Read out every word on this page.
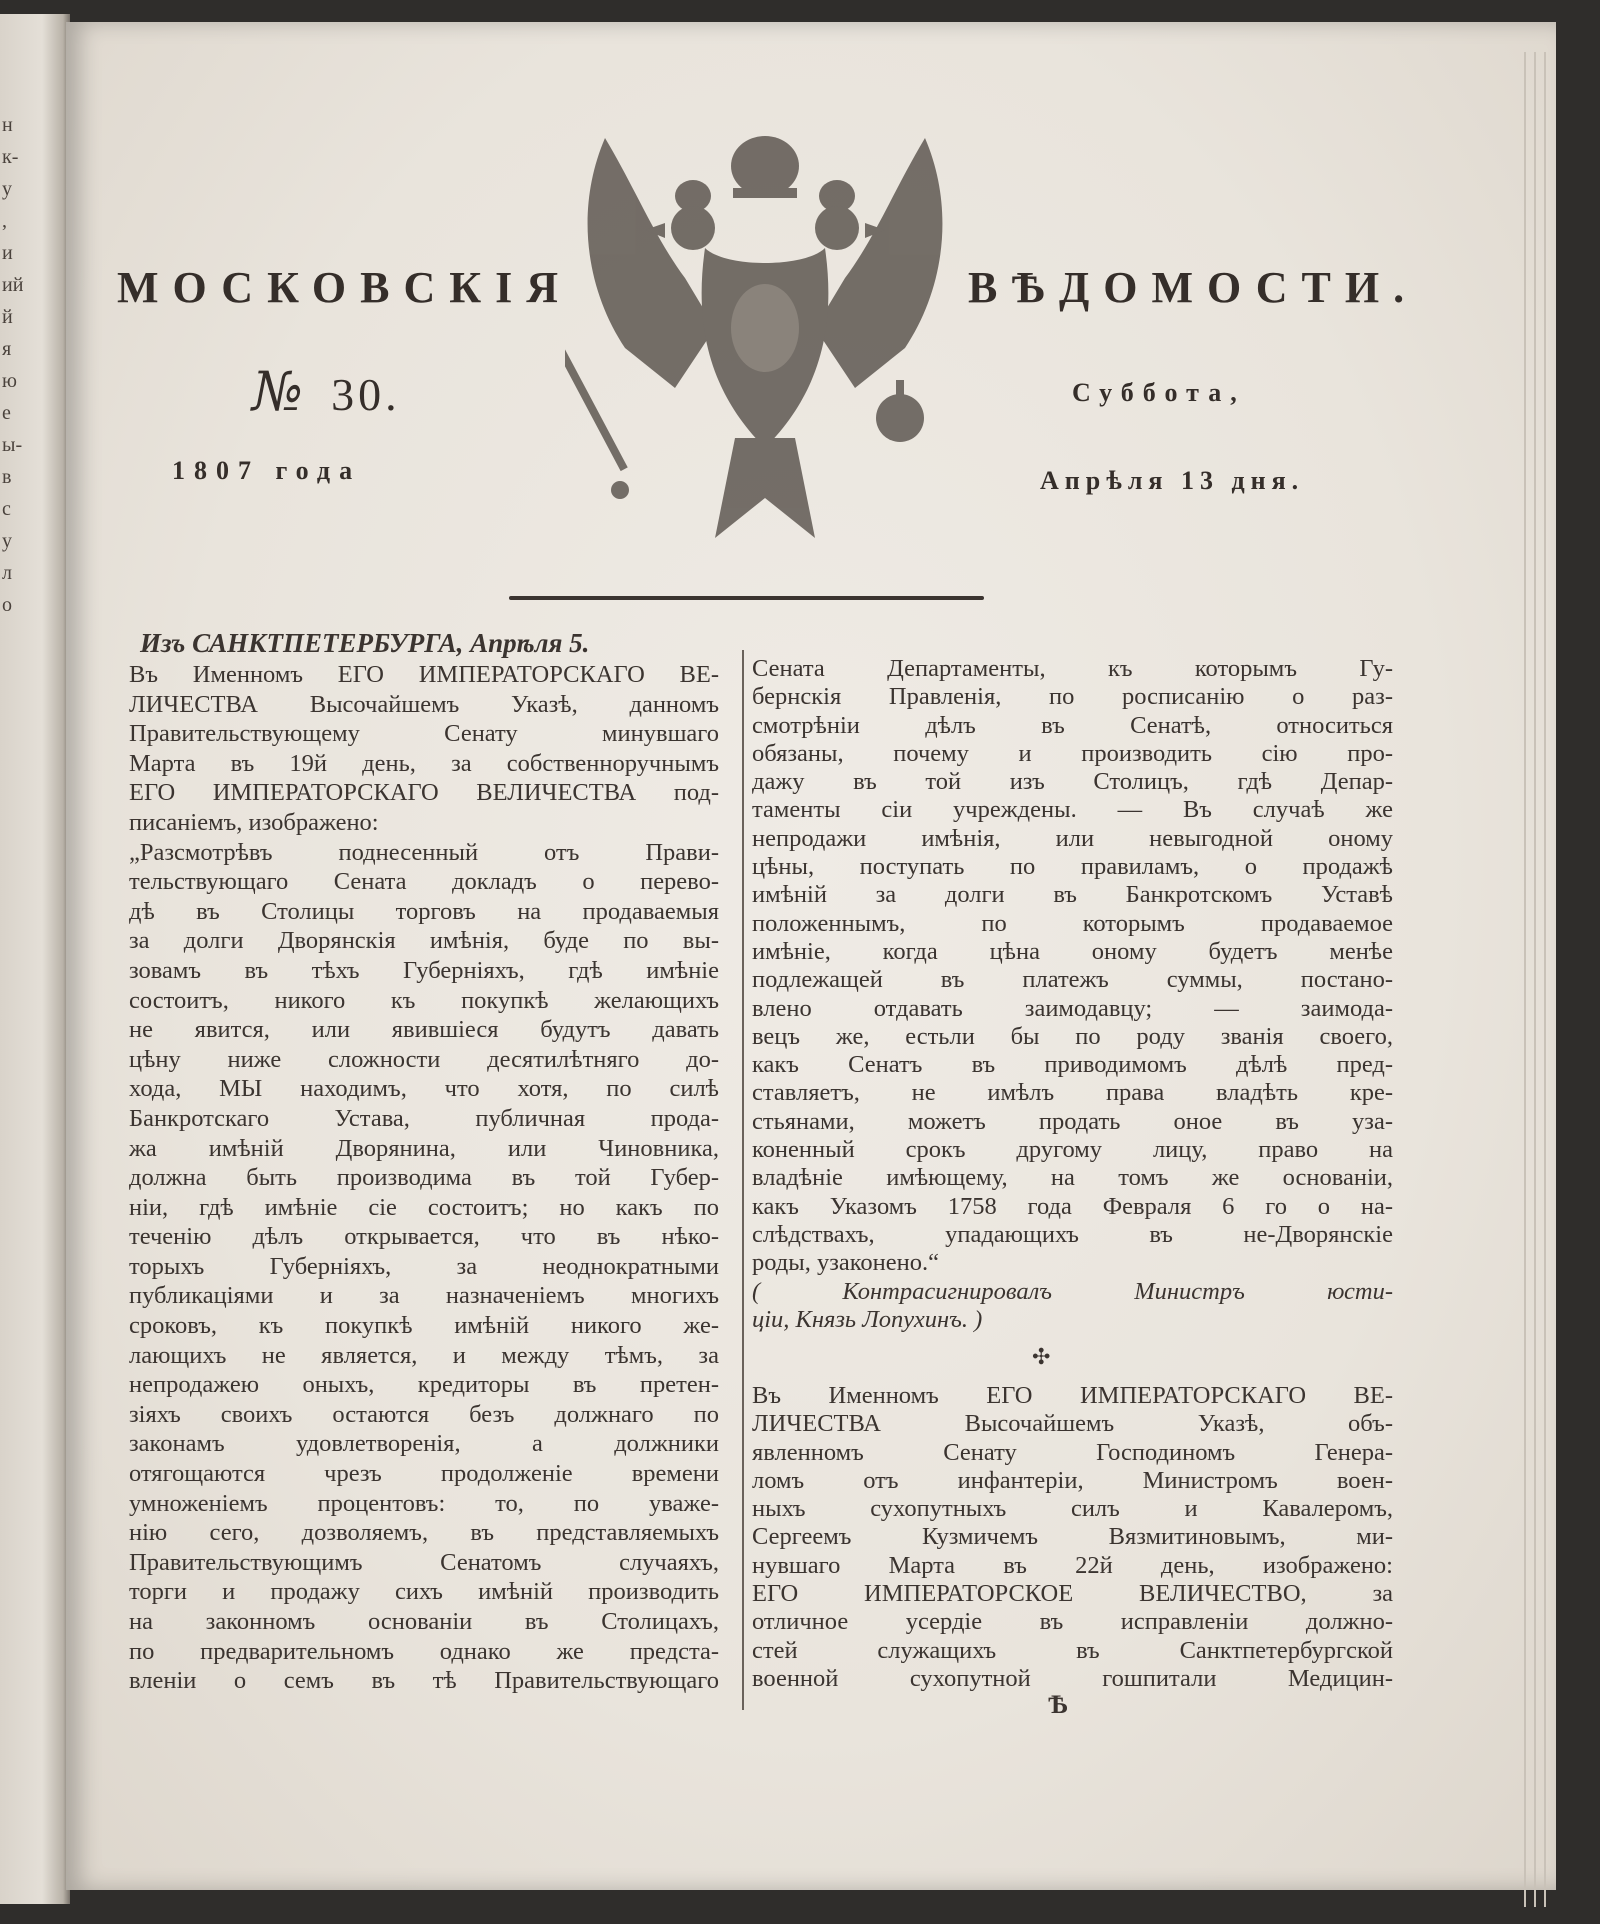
н
к-
у
,
и
ий
й
я
ю
е
ы-
в
с
у
л
о
МОСКОВСКІЯ	ВѢДОМОСТИ.
№ 30.	Суббота,
1807 года	Апрѣля 13 дня.
Изъ САНКТПЕТЕРБУРГА, Апрѣля 5.
Въ Именномъ ЕГО ИМПЕРАТОРСКАГО ВЕ-
ЛИЧЕСТВА Высочайшемъ Указѣ, данномъ
Правительствующему Сенату минувшаго
Марта въ 19й день, за собственноручнымъ
ЕГО ИМПЕРАТОРСКАГО ВЕЛИЧЕСТВА под-
писаніемъ, изображено:
„Разсмотрѣвъ поднесенный отъ Прави-
тельствующаго Сената докладъ о перево-
дѣ въ Столицы торговъ на продаваемыя
за долги Дворянскія имѣнія, буде по вы-
зовамъ въ тѣхъ Губерніяхъ, гдѣ имѣніе
состоитъ, никого къ покупкѣ желающихъ
не явится, или явившіеся будутъ давать
цѣну ниже сложности десятилѣтняго до-
хода, МЫ находимъ, что хотя, по силѣ
Банкротскаго Устава, публичная прода-
жа имѣній Дворянина, или Чиновника,
должна быть производима въ той Губер-
ніи, гдѣ имѣніе сіе состоитъ; но какъ по
теченію дѣлъ открывается, что въ нѣко-
торыхъ Губерніяхъ, за неоднократными
публикаціями и за назначеніемъ многихъ
сроковъ, къ покупкѣ имѣній никого же-
лающихъ не является, и между тѣмъ, за
непродажею оныхъ, кредиторы въ претен-
зіяхъ своихъ остаются безъ должнаго по
законамъ удовлетворенія, а должники
отягощаются чрезъ продолженіе времени
умноженіемъ процентовъ: то, по уваже-
нію сего, дозволяемъ, въ представляемыхъ
Правительствующимъ Сенатомъ случаяхъ,
торги и продажу сихъ имѣній производить
на законномъ основаніи въ Столицахъ,
по предварительномъ однако же предста-
вленіи о семъ въ тѣ Правительствующаго
Сената Департаменты, къ которымъ Гу-
бернскія Правленія, по росписанію о раз-
смотрѣніи дѣлъ въ Сенатѣ, относиться
обязаны, почему и производить сію про-
дажу въ той изъ Столицъ, гдѣ Депар-
таменты сіи учреждены. — Въ случаѣ же
непродажи имѣнія, или невыгодной оному
цѣны, поступать по правиламъ, о продажѣ
имѣній за долги въ Банкротскомъ Уставѣ
положеннымъ, по которымъ продаваемое
имѣніе, когда цѣна оному будетъ менѣе
подлежащей въ платежъ суммы, постано-
влено отдавать заимодавцу; — заимода-
вецъ же, естьли бы по роду званія своего,
какъ Сенатъ въ приводимомъ дѣлѣ пред-
ставляетъ, не имѣлъ права владѣть кре-
стьянами, можетъ продать оное въ уза-
коненный срокъ другому лицу, право на
владѣніе имѣющему, на томъ же основаніи,
какъ Указомъ 1758 года Февраля 6 го о на-
слѣдствахъ, упадающихъ въ не-Дворянскіе
роды, узаконено.“
( Контрасигнировалъ Министръ юсти-
ціи, Князь Лопухинъ. )
✣
Въ Именномъ ЕГО ИМПЕРАТОРСКАГО ВЕ-
ЛИЧЕСТВА Высочайшемъ Указѣ, объ-
явленномъ Сенату Господиномъ Генера-
ломъ отъ инфантеріи, Министромъ воен-
ныхъ сухопутныхъ силъ и Кавалеромъ,
Сергеемъ Кузмичемъ Вязмитиновымъ, ми-
нувшаго Марта въ 22й день, изображено:
ЕГО ИМПЕРАТОРСКОЕ ВЕЛИЧЕСТВО, за
отличное усердіе въ исправленіи должно-
стей служащихъ въ Санктпетербургской
военной сухопутной гошпитали Медицин-
Ѣ
